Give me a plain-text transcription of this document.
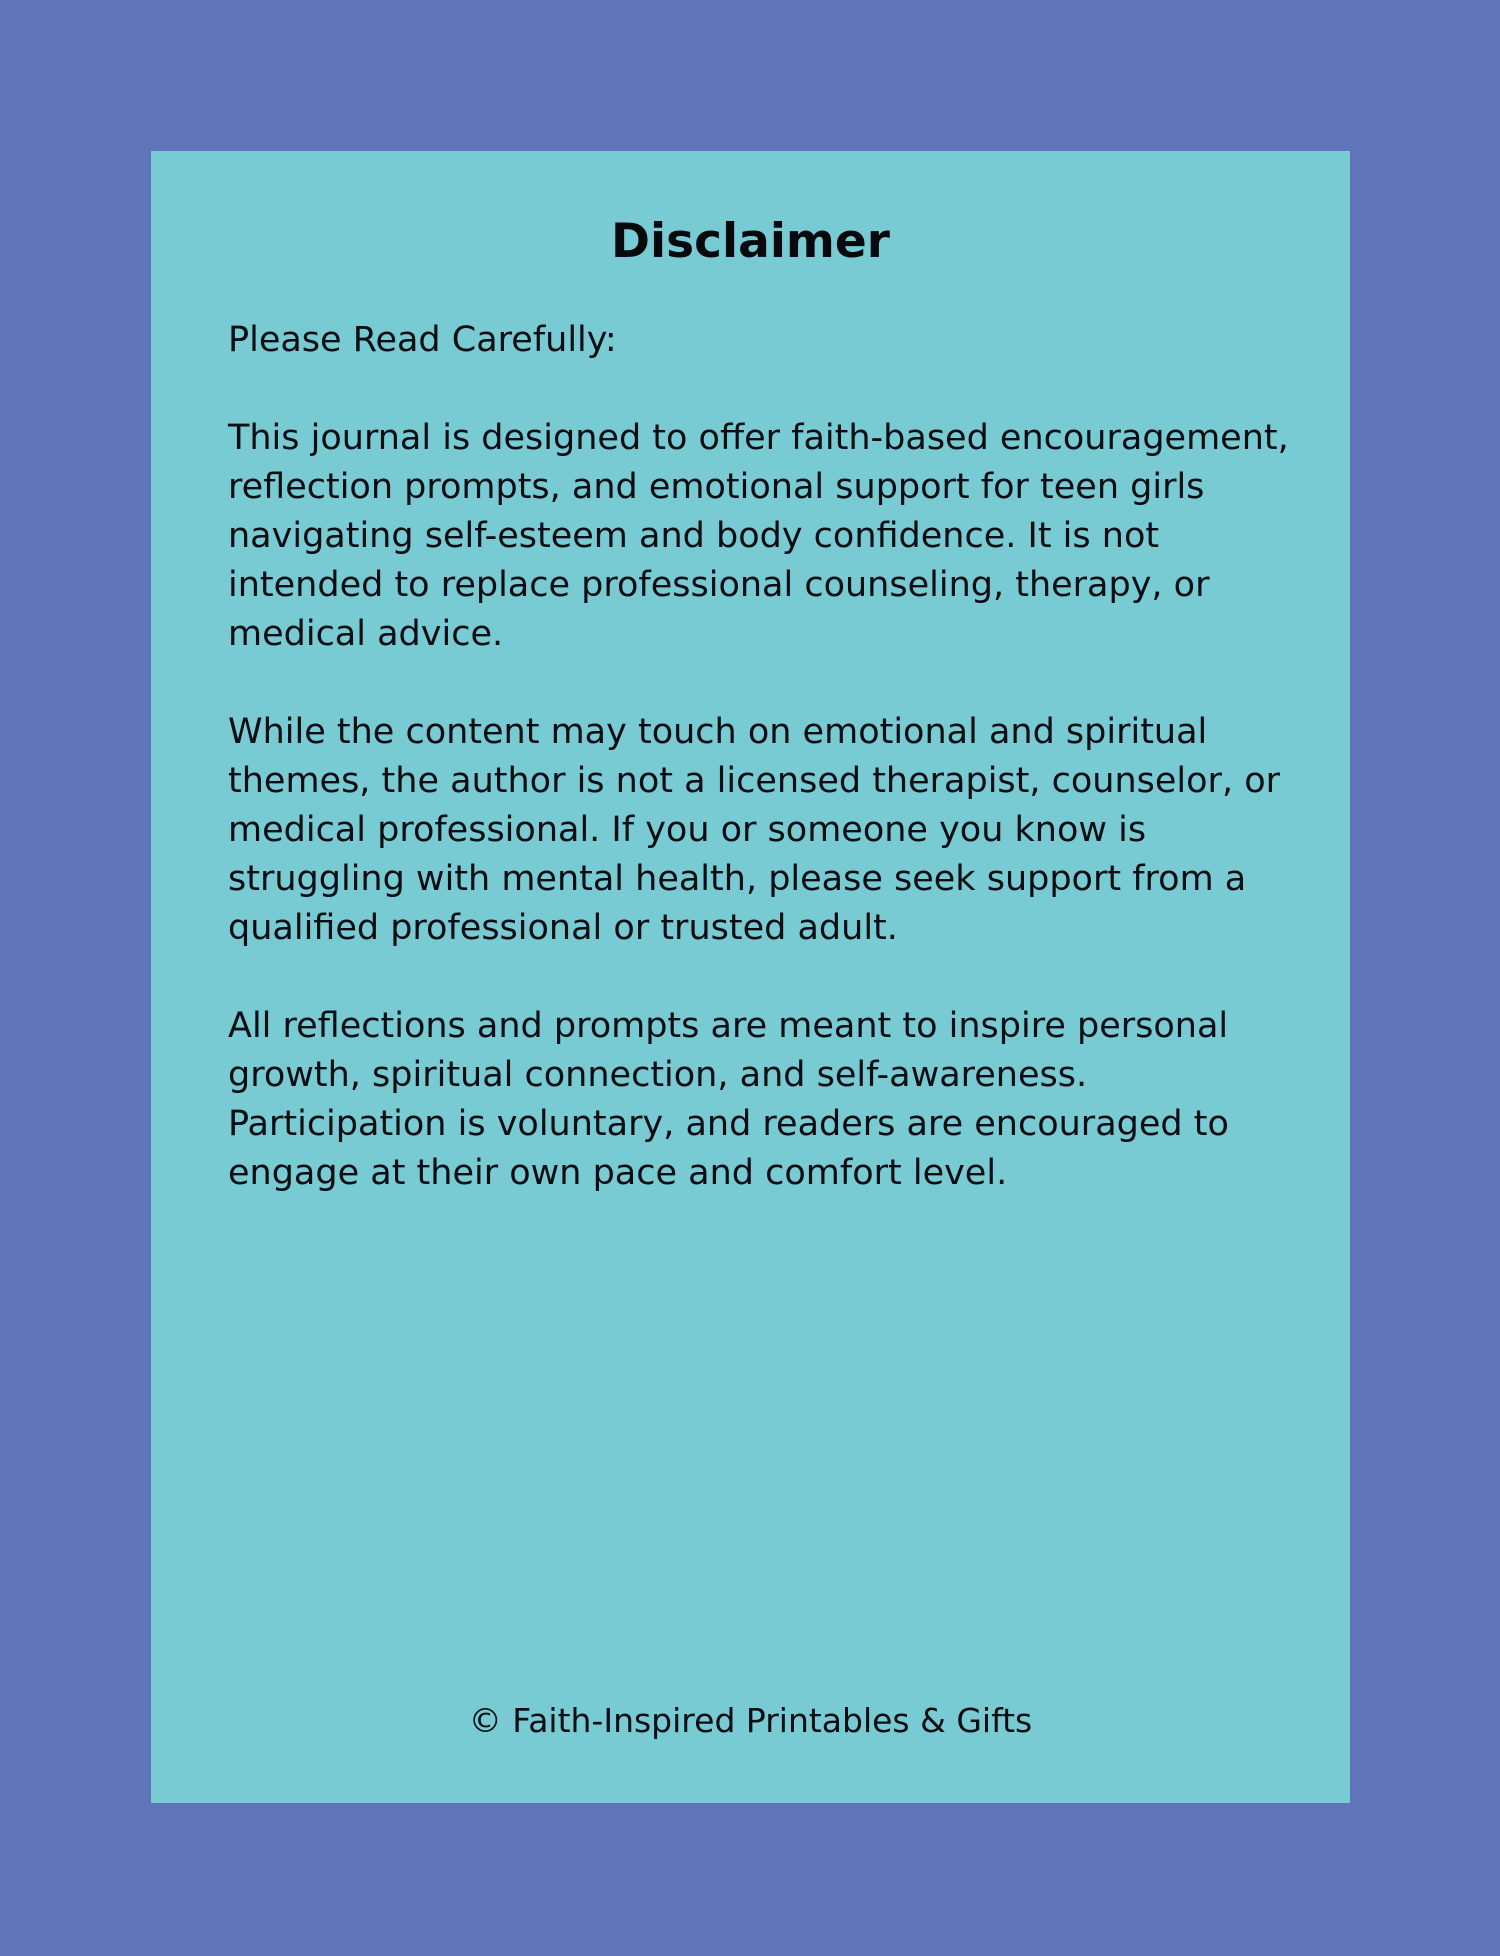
Disclaimer

Please Read Carefully:

This journal is designed to offer faith-based encouragement, reflection prompts, and emotional support for teen girls navigating self-esteem and body confidence. It is not intended to replace professional counseling, therapy, or medical advice.

While the content may touch on emotional and spiritual themes, the author is not a licensed therapist, counselor, or medical professional. If you or someone you know is struggling with mental health, please seek support from a qualified professional or trusted adult.

All reflections and prompts are meant to inspire personal growth, spiritual connection, and self-awareness. Participation is voluntary, and readers are encouraged to engage at their own pace and comfort level.

© Faith-Inspired Printables & Gifts
